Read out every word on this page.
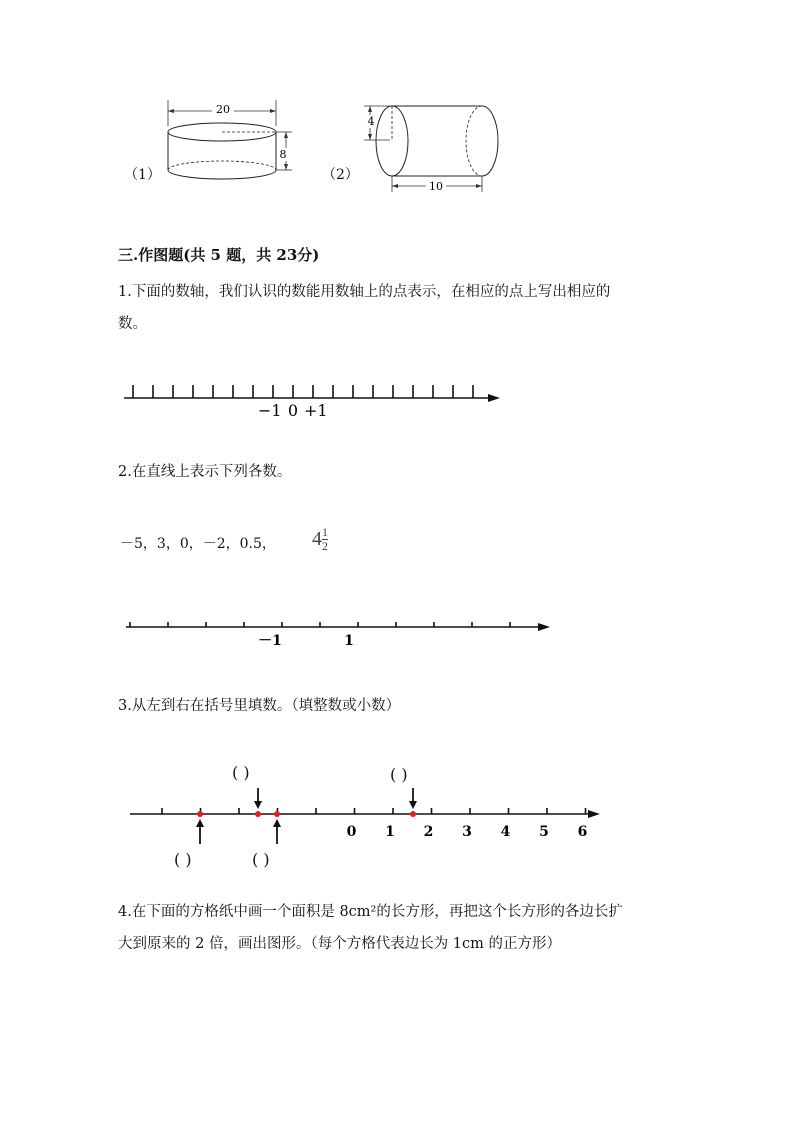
（1）
20
8
（2）
4
10
三.作图题(共 5 题，共 23分)
1.下面的数轴，我们认识的数能用数轴上的点表示，在相应的点上写出相应的
数。
−1 0 +1
2.在直线上表示下列各数。
－5，3，0，－2，0.5， $4 \frac{1}{2}$
－1	1
3.从左到右在括号里填数。（填整数或小数）
( )	( )
( )	( )
0 1 2 3 4 5 6
4.在下面的方格纸中画一个面积是 8cm²的长方形，再把这个长方形的各边长扩
大到原来的 2 倍，画出图形。（每个方格代表边长为 1cm 的正方形）
